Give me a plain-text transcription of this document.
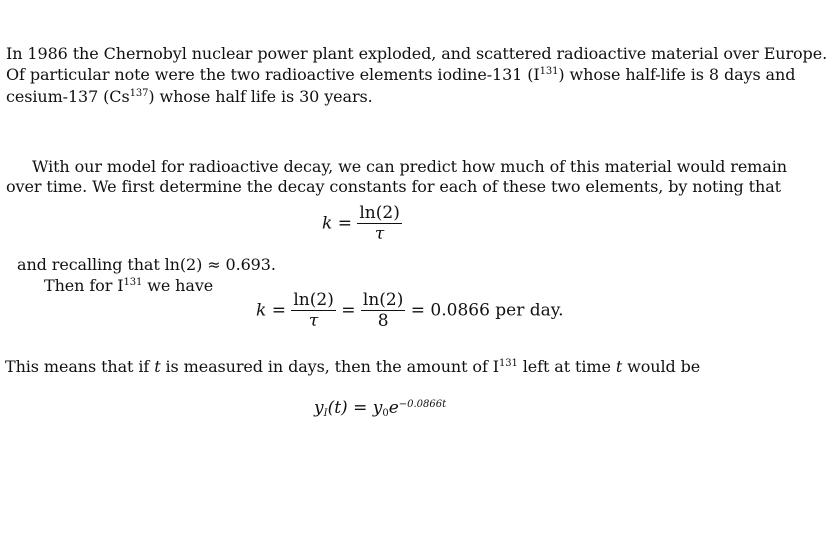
In 1986 the Chernobyl nuclear power plant exploded, and scattered radioactive material over Europe.
Of particular note were the two radioactive elements iodine-131 $(I^{131})$ whose half-life is 8 days and
cesium-137 (Cs$^{137}$) whose half life is 30 years.
With our model for radioactive decay, we can predict how much of this material would remain
over time. We first determine the decay constants for each of these two elements, by noting that
$k = \frac{\ln(2)}{\tau}$
and recalling that ln(2) ≈ 0.693.
Then for $I^{131}$ we have
$k = \frac{\ln(2)}{\tau} = \frac{\ln(2)}{8} = 0.0866$ per day.
This means that if t is measured in days, then the amount of $I^{131}$ left at time t would be
$y_I(t) = y_0e^{-0.0866t}$
